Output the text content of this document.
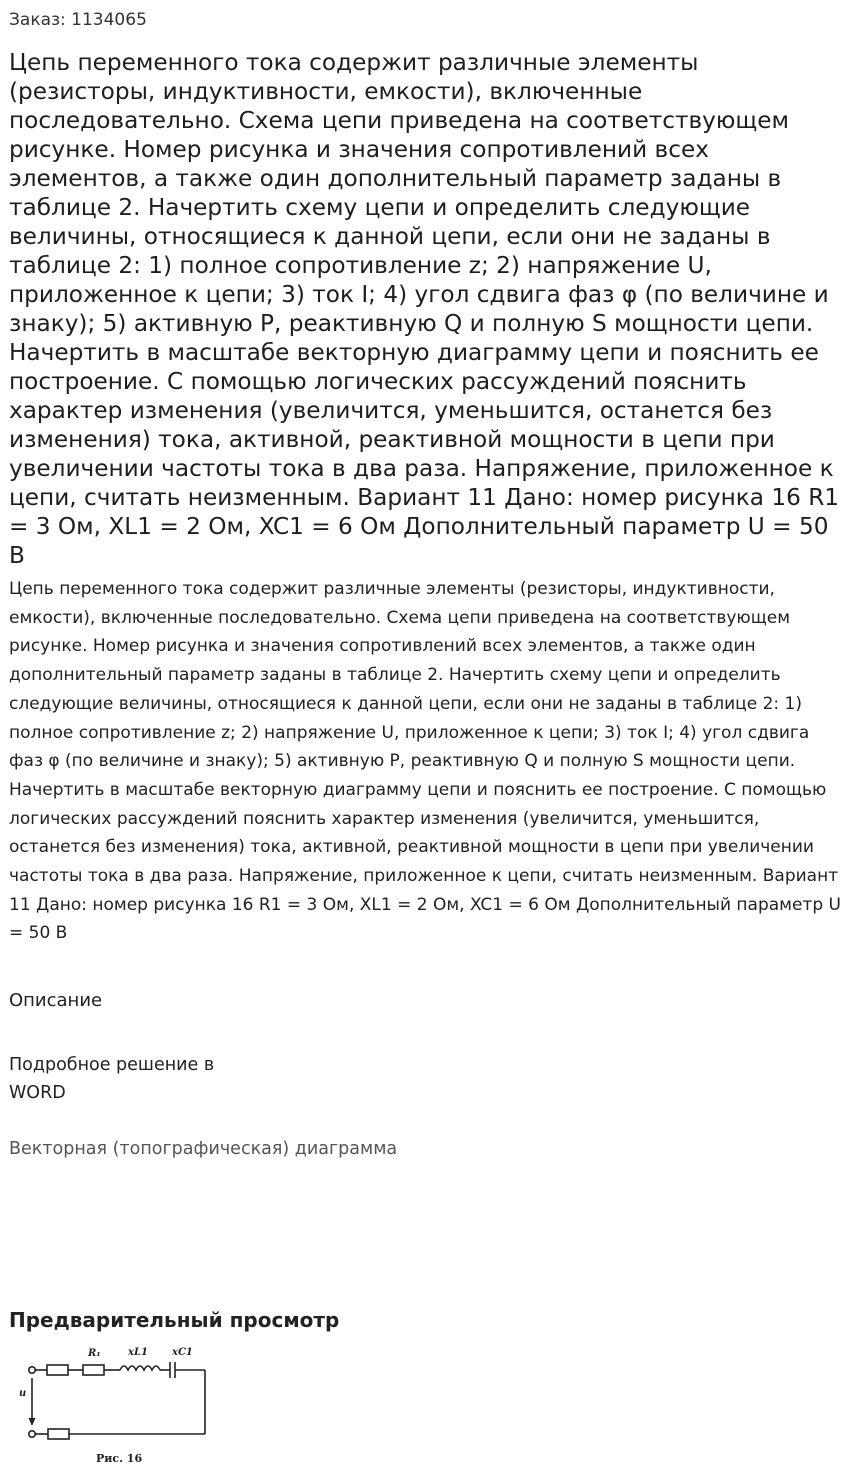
Заказ: 1134065
Цепь переменного тока содержит различные элементы (резисторы, индуктивности, емкости), включенные последовательно. Схема цепи приведена на соответствующем рисунке. Номер рисунка и значения сопротивлений всех элементов, а также один дополнительный параметр заданы в таблице 2. Начертить схему цепи и определить следующие величины, относящиеся к данной цепи, если они не заданы в таблице 2: 1) полное сопротивление z; 2) напряжение U, приложенное к цепи; 3) ток I; 4) угол сдвига фаз φ (по величине и знаку); 5) активную P, реактивную Q и полную S мощности цепи. Начертить в масштабе векторную диаграмму цепи и пояснить ее построение. С помощью логических рассуждений пояснить характер изменения (увеличится, уменьшится, останется без изменения) тока, активной, реактивной мощности в цепи при увеличении частоты тока в два раза. Напряжение, приложенное к цепи, считать неизменным. Вариант 11 Дано: номер рисунка 16 R1 = 3 Ом, XL1 = 2 Ом, XC1 = 6 Ом Дополнительный параметр U = 50 В

Цепь переменного тока содержит различные элементы (резисторы, индуктивности, емкости), включенные последовательно. Схема цепи приведена на соответствующем рисунке. Номер рисунка и значения сопротивлений всех элементов, а также один дополнительный параметр заданы в таблице 2. Начертить схему цепи и определить следующие величины, относящиеся к данной цепи, если они не заданы в таблице 2: 1) полное сопротивление z; 2) напряжение U, приложенное к цепи; 3) ток I; 4) угол сдвига фаз φ (по величине и знаку); 5) активную P, реактивную Q и полную S мощности цепи. Начертить в масштабе векторную диаграмму цепи и пояснить ее построение. С помощью логических рассуждений пояснить характер изменения (увеличится, уменьшится, останется без изменения) тока, активной, реактивной мощности в цепи при увеличении частоты тока в два раза. Напряжение, приложенное к цепи, считать неизменным. Вариант 11 Дано: номер рисунка 16 R1 = 3 Ом, XL1 = 2 Ом, XC1 = 6 Ом Дополнительный параметр U = 50 В

Описание
Подробное решение в
WORD
Векторная (топографическая) диаграмма
Предварительный просмотр
R₁	xL1 xC1
u
Рис. 16
